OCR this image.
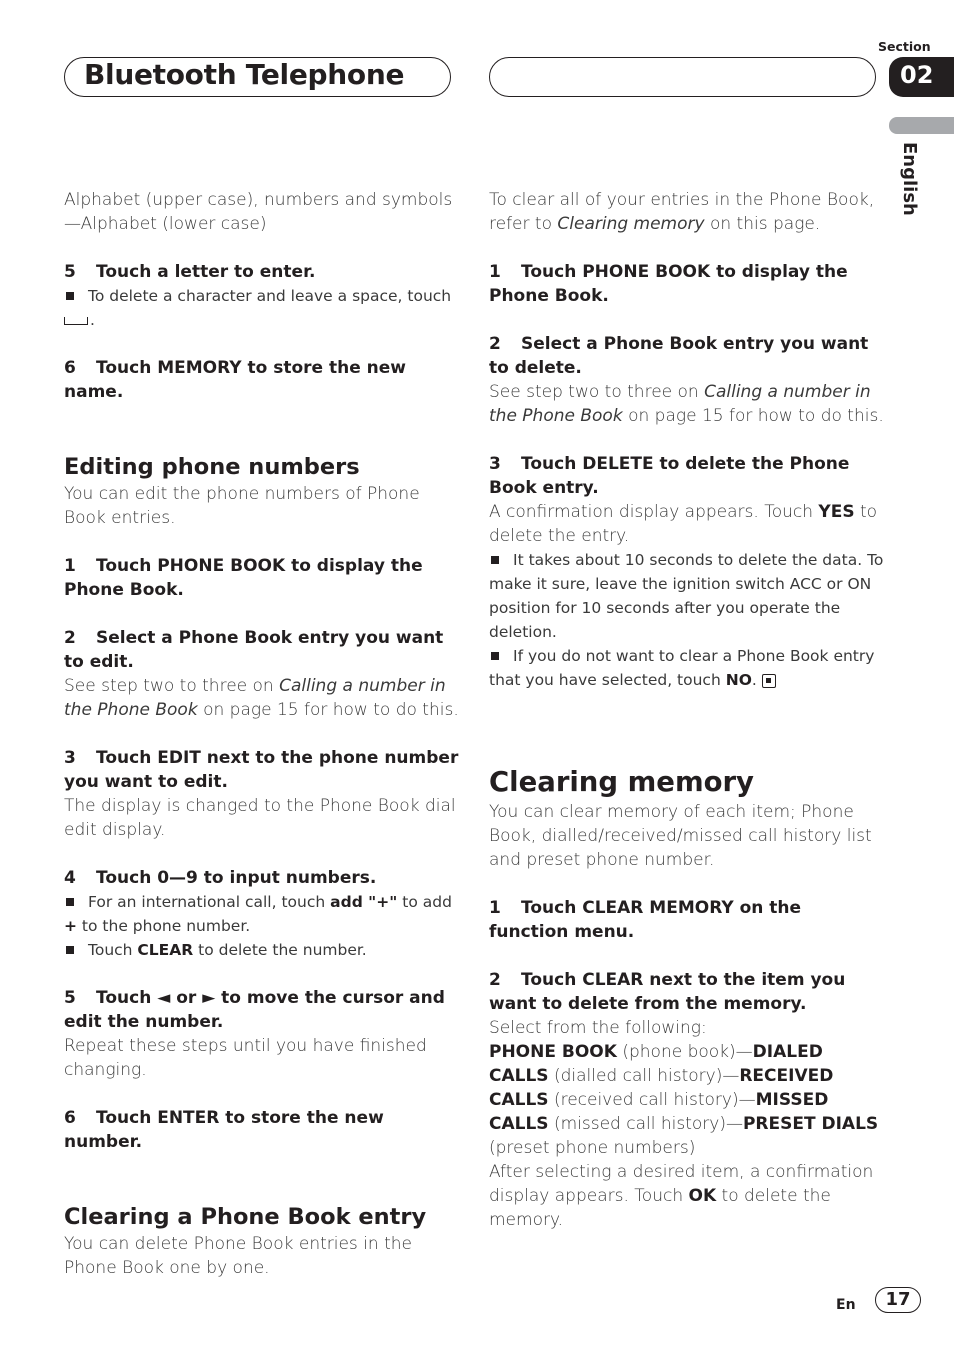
Bluetooth Telephone
Section
02
English

Alphabet (upper case), numbers and symbols —Alphabet (lower case)

5 Touch a letter to enter.

To delete a character and leave a space, touch
.

6 Touch MEMORY to store the new name.

Editing phone numbers

You can edit the phone numbers of Phone Book entries.

1 Touch PHONE BOOK to display the Phone Book.

2 Select a Phone Book entry you want to edit.

See step two to three on Calling a number in the Phone Book on page 15 for how to do this.

3 Touch EDIT next to the phone number you want to edit.

The display is changed to the Phone Book dial edit display.

4 Touch 0—9 to input numbers.

For an international call, touch add "+" to add + to the phone number.

Touch CLEAR to delete the number.

5 Touch ◄ or ► to move the cursor and edit the number.

Repeat these steps until you have finished changing.

6 Touch ENTER to store the new number.

Clearing a Phone Book entry

You can delete Phone Book entries in the Phone Book one by one.

To clear all of your entries in the Phone Book, refer to Clearing memory on this page.

1 Touch PHONE BOOK to display the Phone Book.

2 Select a Phone Book entry you want to delete.

See step two to three on Calling a number in the Phone Book on page 15 for how to do this.

3 Touch DELETE to delete the Phone Book entry.

A confirmation display appears. Touch YES to delete the entry.

It takes about 10 seconds to delete the data. To make it sure, leave the ignition switch ACC or ON position for 10 seconds after you operate the deletion.

If you do not want to clear a Phone Book entry that you have selected, touch NO.

Clearing memory

You can clear memory of each item; Phone Book, dialled/received/missed call history list and preset phone number.

1 Touch CLEAR MEMORY on the function menu.

2 Touch CLEAR next to the item you want to delete from the memory.

Select from the following:

PHONE BOOK (phone book)—DIALED CALLS (dialled call history)—RECEIVED CALLS (received call history)—MISSED CALLS (missed call history)—PRESET DIALS (preset phone numbers)

After selecting a desired item, a confirmation display appears. Touch OK to delete the memory.

En	17
